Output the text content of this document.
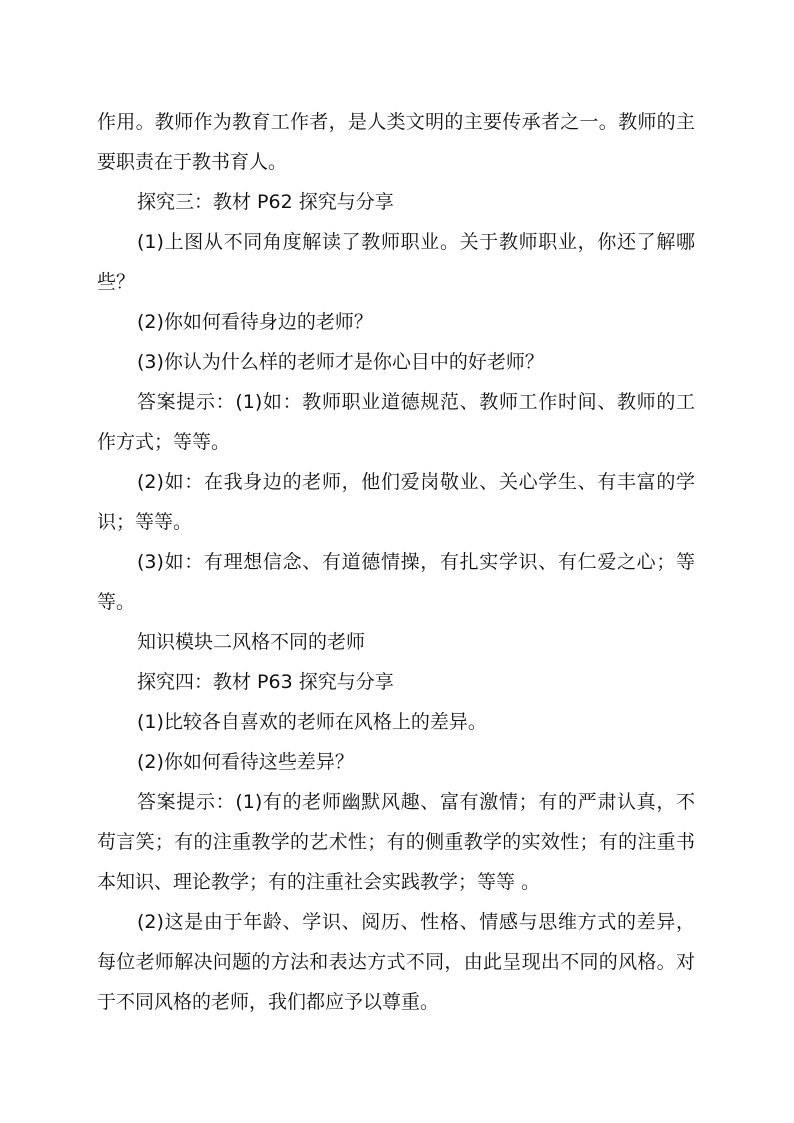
作用。教师作为教育工作者，是人类文明的主要传承者之一。教师的主要职责在于教书育人。

探究三：教材 P62 探究与分享

(1)上图从不同角度解读了教师职业。关于教师职业，你还了解哪些？

(2)你如何看待身边的老师？

(3)你认为什么样的老师才是你心目中的好老师？

答案提示：(1)如：教师职业道德规范、教师工作时间、教师的工作方式；等等。

(2)如：在我身边的老师，他们爱岗敬业、关心学生、有丰富的学识；等等。

(3)如：有理想信念、有道德情操，有扎实学识、有仁爱之心；等等。

知识模块二风格不同的老师

探究四：教材 P63 探究与分享

(1)比较各自喜欢的老师在风格上的差异。

(2)你如何看待这些差异？

答案提示：(1)有的老师幽默风趣、富有激情；有的严肃认真，不苟言笑；有的注重教学的艺术性；有的侧重教学的实效性；有的注重书本知识、理论教学；有的注重社会实践教学；等等 。

(2)这是由于年龄、学识、阅历、性格、情感与思维方式的差异，每位老师解决问题的方法和表达方式不同，由此呈现出不同的风格。对于不同风格的老师，我们都应予以尊重。
